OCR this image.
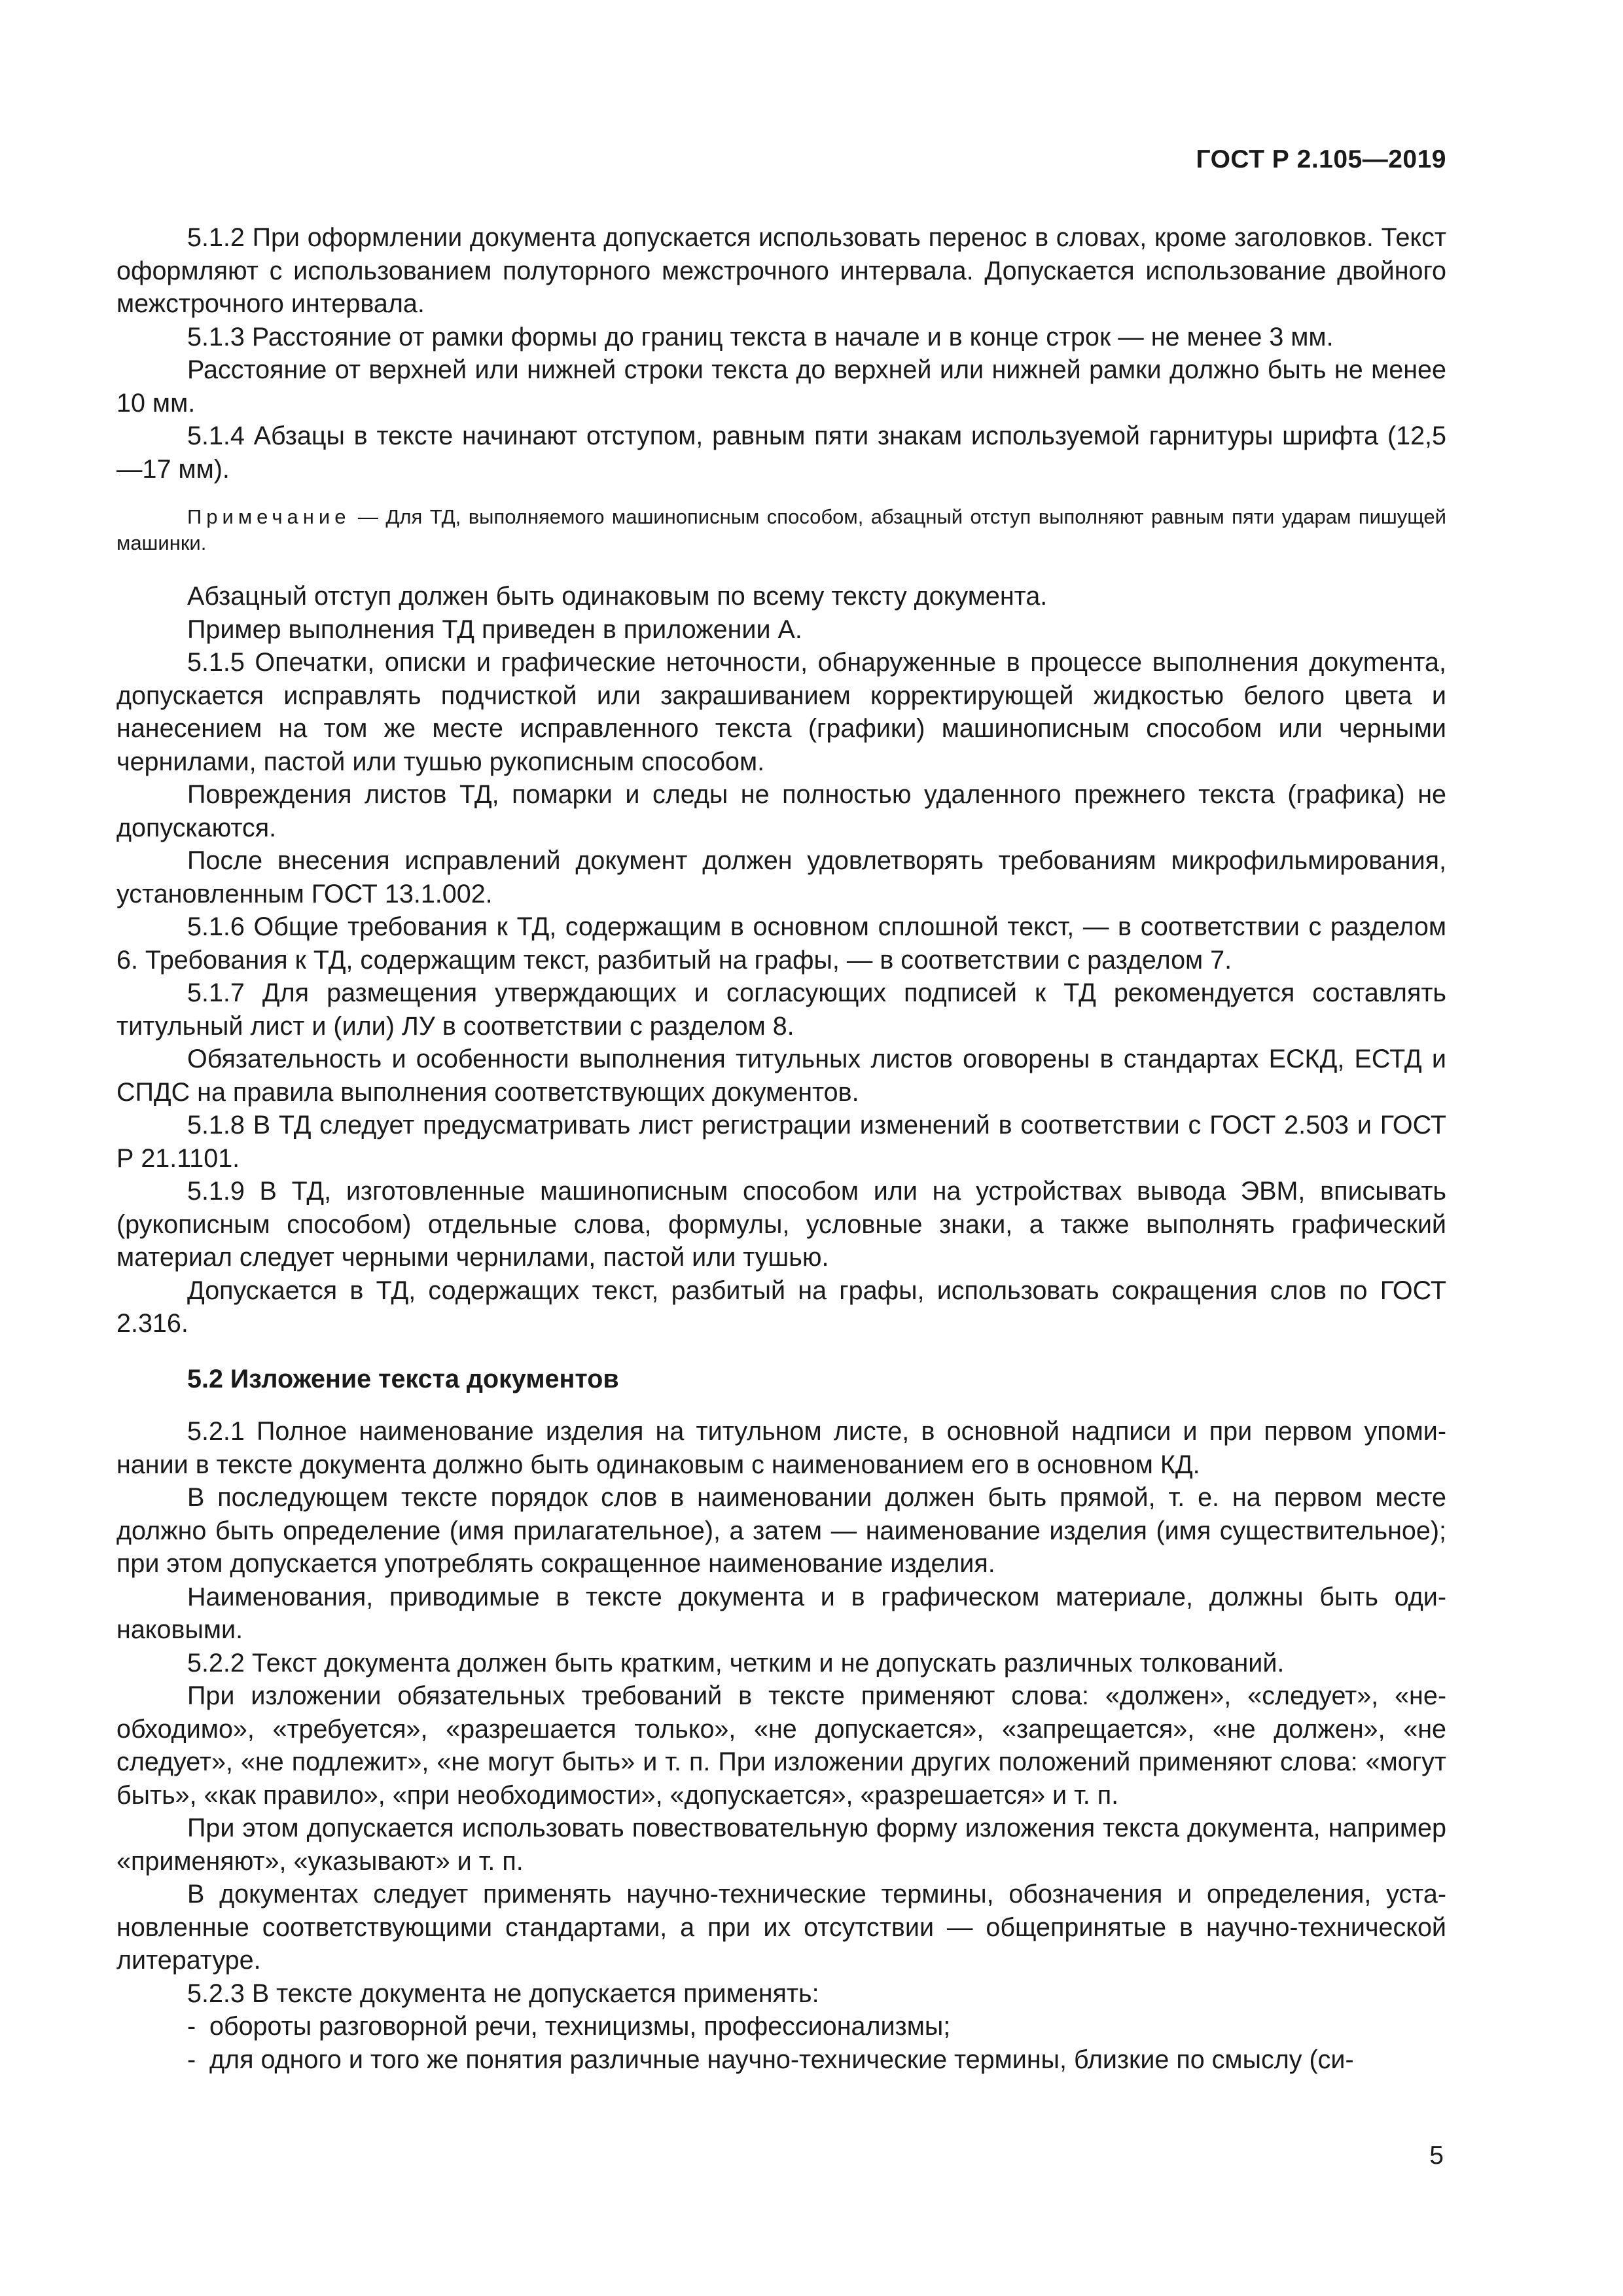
ГОСТ Р 2.105—2019

5.1.2 При оформлении документа допускается использовать перенос в словах, кроме заголовков. Текст оформляют с использованием полуторного межстрочного интервала. Допускается использование двойного межстрочного интервала.

5.1.3 Расстояние от рамки формы до границ текста в начале и в конце строк — не менее 3 мм.

Расстояние от верхней или нижней строки текста до верхней или нижней рамки должно быть не менее 10 мм.

5.1.4 Абзацы в тексте начинают отступом, равным пяти знакам используемой гарнитуры шрифта (12,5—17 мм).

Примечание — Для ТД, выполняемого машинописным способом, абзацный отступ выполняют равным пяти ударам пишущей машинки.

Абзацный отступ должен быть одинаковым по всему тексту документа.

Пример выполнения ТД приведен в приложении А.

5.1.5 Опечатки, описки и графические неточности, обнаруженные в процессе выполнения докуmента, допускается исправлять подчисткой или закрашиванием корректирующей жидкостью белого цвета и нанесением на том же месте исправленного текста (графики) машинописным способом или черными чернилами, пастой или тушью рукописным способом.

Повреждения листов ТД, помарки и следы не полностью удаленного прежнего текста (графика) не допускаются.

После внесения исправлений документ должен удовлетворять требованиям микрофильмирования, установленным ГОСТ 13.1.002.

5.1.6 Общие требования к ТД, содержащим в основном сплошной текст, — в соответствии с разделом 6. Требования к ТД, содержащим текст, разбитый на графы, — в соответствии с разделом 7.

5.1.7 Для размещения утверждающих и согласующих подписей к ТД рекомендуется составлять титульный лист и (или) ЛУ в соответствии с разделом 8.

Обязательность и особенности выполнения титульных листов оговорены в стандартах ЕСКД, ЕСТД и СПДС на правила выполнения соответствующих документов.

5.1.8 В ТД следует предусматривать лист регистрации изменений в соответствии с ГОСТ 2.503 и ГОСТ Р 21.1101.

5.1.9 В ТД, изготовленные машинописным способом или на устройствах вывода ЭВМ, вписывать (рукописным способом) отдельные слова, формулы, условные знаки, а также выполнять графический материал следует черными чернилами, пастой или тушью.

Допускается в ТД, содержащих текст, разбитый на графы, использовать сокращения слов по ГОСТ 2.316.

5.2 Изложение текста документов

5.2.1 Полное наименование изделия на титульном листе, в основной надписи и при первом упоминании в тексте документа должно быть одинаковым с наименованием его в основном КД.

В последующем тексте порядок слов в наименовании должен быть прямой, т. е. на первом месте должно быть определение (имя прилагательное), а затем — наименование изделия (имя существительное); при этом допускается употреблять сокращенное наименование изделия.

Наименования, приводимые в тексте документа и в графическом материале, должны быть одинаковыми.

5.2.2 Текст документа должен быть кратким, четким и не допускать различных толкований.

При изложении обязательных требований в тексте применяют слова: «должен», «следует», «необходимо», «требуется», «разрешается только», «не допускается», «запрещается», «не должен», «не следует», «не подлежит», «не могут быть» и т. п. При изложении других положений применяют слова: «могут быть», «как правило», «при необходимости», «допускается», «разрешается» и т. п.

При этом допускается использовать повествовательную форму изложения текста документа, например «применяют», «указывают» и т. п.

В документах следует применять научно-технические термины, обозначения и определения, установленные соответствующими стандартами, а при их отсутствии — общепринятые в научно-технической литературе.

5.2.3 В тексте документа не допускается применять:

- обороты разговорной речи, техницизмы, профессионализмы;

- для одного и того же понятия различные научно-технические термины, близкие по смыслу (си-

5
